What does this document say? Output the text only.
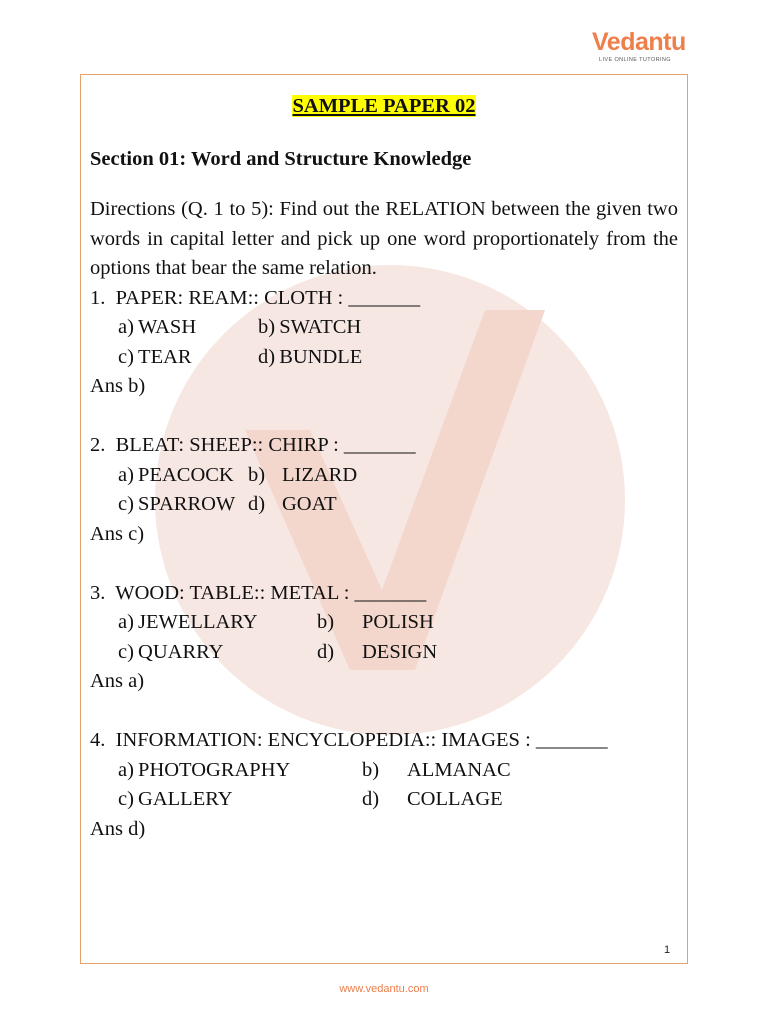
Vedantu
LIVE ONLINE TUTORING
SAMPLE PAPER 02
Section 01: Word and Structure Knowledge
Directions (Q. 1 to 5): Find out the RELATION between the given two words in capital letter and pick up one word proportionately from the options that bear the same relation.
1.  PAPER: REAM:: CLOTH : _______
a)  WASH	b)  SWATCH
c)  TEAR	d)  BUNDLE
Ans b)
2.  BLEAT: SHEEP:: CHIRP : _______
a)  PEACOCK b) LIZARD
c)  SPARROW d) GOAT
Ans c)
3.  WOOD: TABLE:: METAL : _______
a)  JEWELLARY	b) POLISH
c)  QUARRY	d) DESIGN
Ans a)
4.  INFORMATION: ENCYCLOPEDIA:: IMAGES : _______
a)  PHOTOGRAPHY	b) ALMANAC
c)  GALLERY	d) COLLAGE
Ans d)
1
www.vedantu.com
